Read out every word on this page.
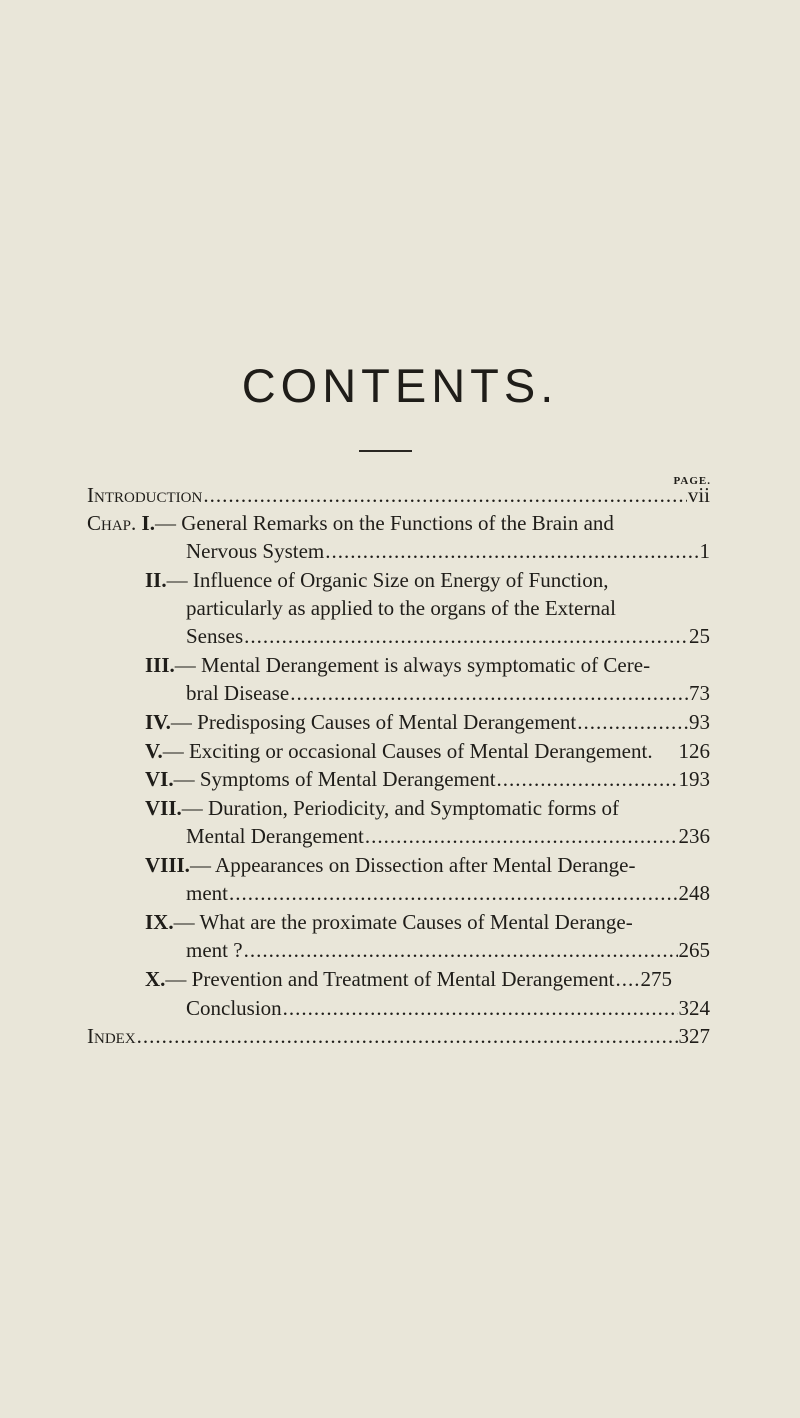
CONTENTS.
PAGE.
Introduction .....	vii
Chap. I.— General Remarks on the Functions of the Brain and
Nervous System .....	1
II.— Influence of Organic Size on Energy of Function,
particularly as applied to the organs of the External
Senses .....	25
III.— Mental Derangement is always symptomatic of Cere-
bral Disease .....	73
IV.— Predisposing Causes of Mental Derangement .....	93
V.— Exciting or occasional Causes of Mental Derangement. 126
VI.— Symptoms of Mental Derangement .....	193
VII.— Duration, Periodicity, and Symptomatic forms of
Mental Derangement .....	236
VIII.— Appearances on Dissection after Mental Derange-
ment .....	248
IX.— What are the proximate Causes of Mental Derange-
ment ? .....	265
X.— Prevention and Treatment of Mental Derangement ..... 275
Conclusion .....	324
Index .....	327
